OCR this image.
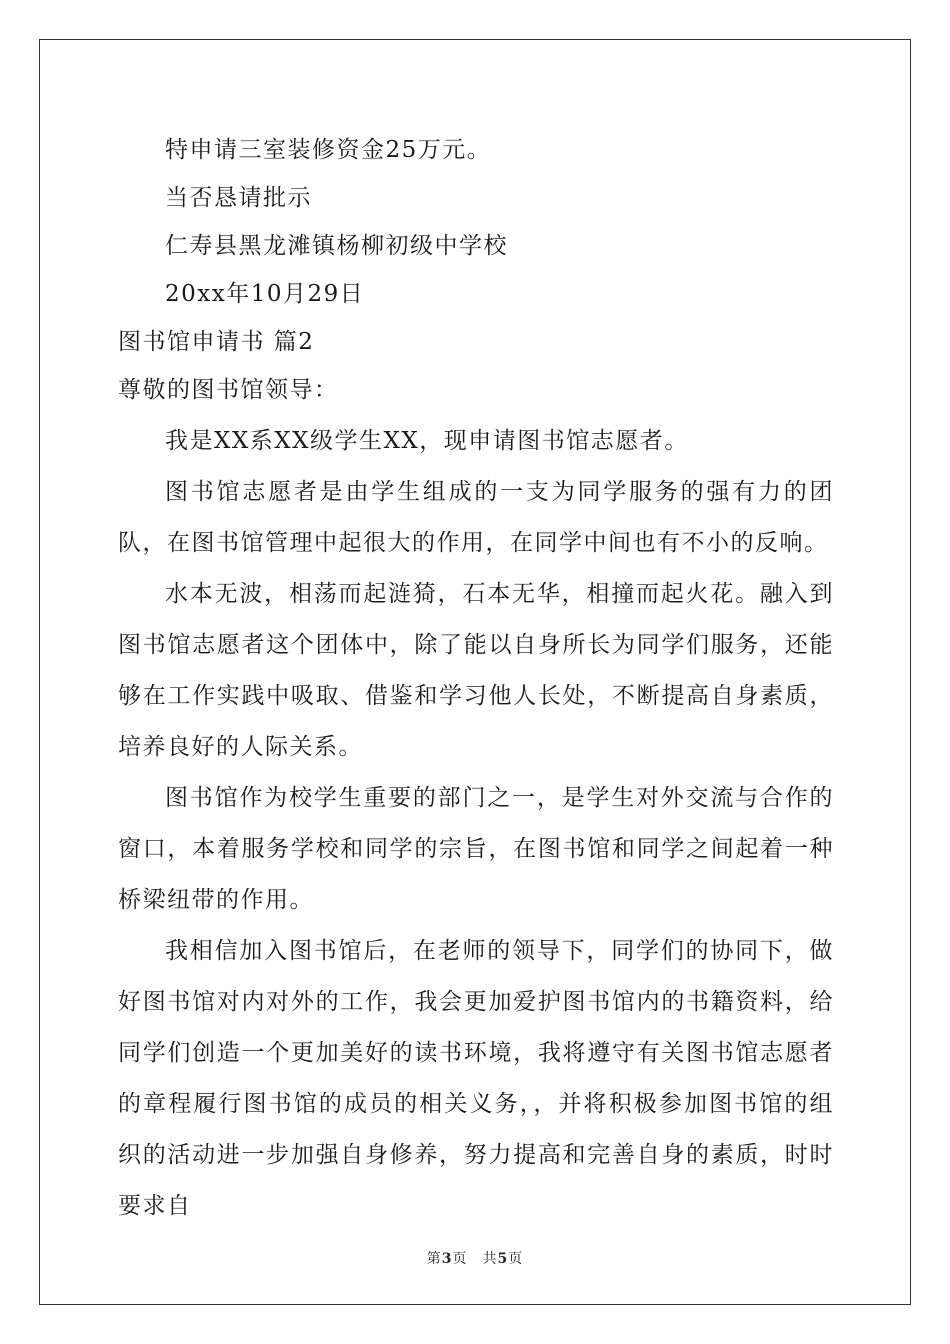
特申请三室装修资金25万元。
当否恳请批示
仁寿县黑龙滩镇杨柳初级中学校
20xx年10月29日
图书馆申请书 篇2
尊敬的图书馆领导：
我是XX系XX级学生XX，现申请图书馆志愿者。
图书馆志愿者是由学生组成的一支为同学服务的强有力的团队，在图书馆管理中起很大的作用，在同学中间也有不小的反响。
水本无波，相荡而起涟猗，石本无华，相撞而起火花。融入到图书馆志愿者这个团体中，除了能以自身所长为同学们服务，还能够在工作实践中吸取、借鉴和学习他人长处，不断提高自身素质，培养良好的人际关系。
图书馆作为校学生重要的部门之一，是学生对外交流与合作的窗口，本着服务学校和同学的宗旨，在图书馆和同学之间起着一种桥梁纽带的作用。
我相信加入图书馆后，在老师的领导下，同学们的协同下，做好图书馆对内对外的工作，我会更加爱护图书馆内的书籍资料，给同学们创造一个更加美好的读书环境，我将遵守有关图书馆志愿者的章程履行图书馆的成员的相关义务，，并将积极参加图书馆的组织的活动进一步加强自身修养，努力提高和完善自身的素质，时时要求自
第3页　共5页
